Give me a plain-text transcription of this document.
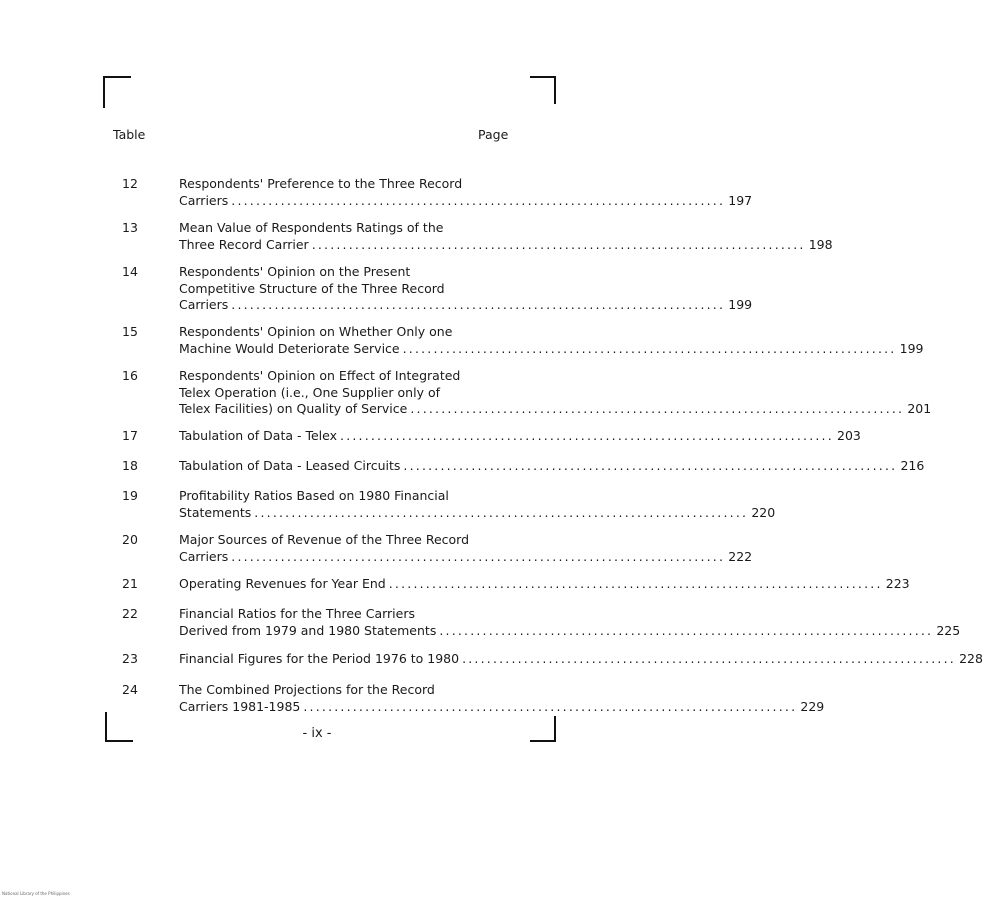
Table	Page
12	Respondents' Preference to the Three Record
Carriers ................................................................................ 197
13	Mean Value of Respondents Ratings of the
Three Record Carrier ................................................................................ 198
14	Respondents' Opinion on the Present
Competitive Structure of the Three Record
Carriers ................................................................................ 199
15	Respondents' Opinion on Whether Only one
Machine Would Deteriorate Service ................................................................................ 199
16	Respondents' Opinion on Effect of Integrated
Telex Operation (i.e., One Supplier only of
Telex Facilities) on Quality of Service ................................................................................ 201
17	Tabulation of Data - Telex ................................................................................ 203
18	Tabulation of Data - Leased Circuits ................................................................................ 216
19	Profitability Ratios Based on 1980 Financial
Statements ................................................................................ 220
20	Major Sources of Revenue of the Three Record
Carriers ................................................................................ 222
21	Operating Revenues for Year End ................................................................................ 223
22	Financial Ratios for the Three Carriers
Derived from 1979 and 1980 Statements ................................................................................ 225
23	Financial Figures for the Period 1976 to 1980 ................................................................................ 228
24	The Combined Projections for the Record
Carriers 1981-1985 ................................................................................ 229
- ix -
National Library of the Philippines
